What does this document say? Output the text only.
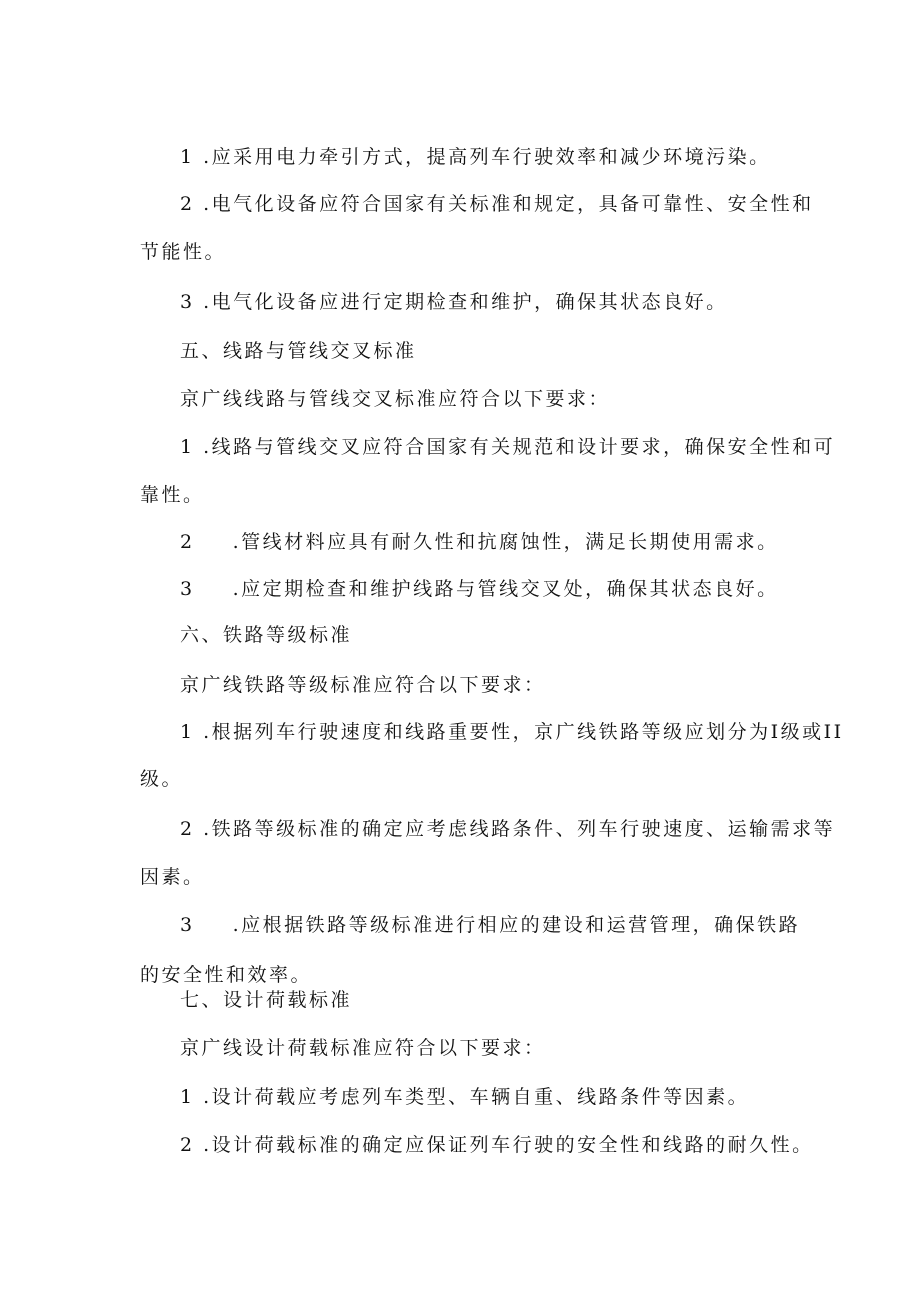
1 .应采用电力牵引方式，提高列车行驶效率和减少环境污染。
2 .电气化设备应符合国家有关标准和规定，具备可靠性、安全性和
节能性。
3 .电气化设备应进行定期检查和维护，确保其状态良好。
五、线路与管线交叉标准
京广线线路与管线交叉标准应符合以下要求：
1 .线路与管线交叉应符合国家有关规范和设计要求，确保安全性和可
靠性。
2 .管线材料应具有耐久性和抗腐蚀性，满足长期使用需求。
3 .应定期检查和维护线路与管线交叉处，确保其状态良好。
六、铁路等级标准
京广线铁路等级标准应符合以下要求：
1 .根据列车行驶速度和线路重要性，京广线铁路等级应划分为I级或II
级。
2 .铁路等级标准的确定应考虑线路条件、列车行驶速度、运输需求等
因素。
3 .应根据铁路等级标准进行相应的建设和运营管理，确保铁路
的安全性和效率。
七、设计荷载标准
京广线设计荷载标准应符合以下要求：
1 .设计荷载应考虑列车类型、车辆自重、线路条件等因素。
2 .设计荷载标准的确定应保证列车行驶的安全性和线路的耐久性。
